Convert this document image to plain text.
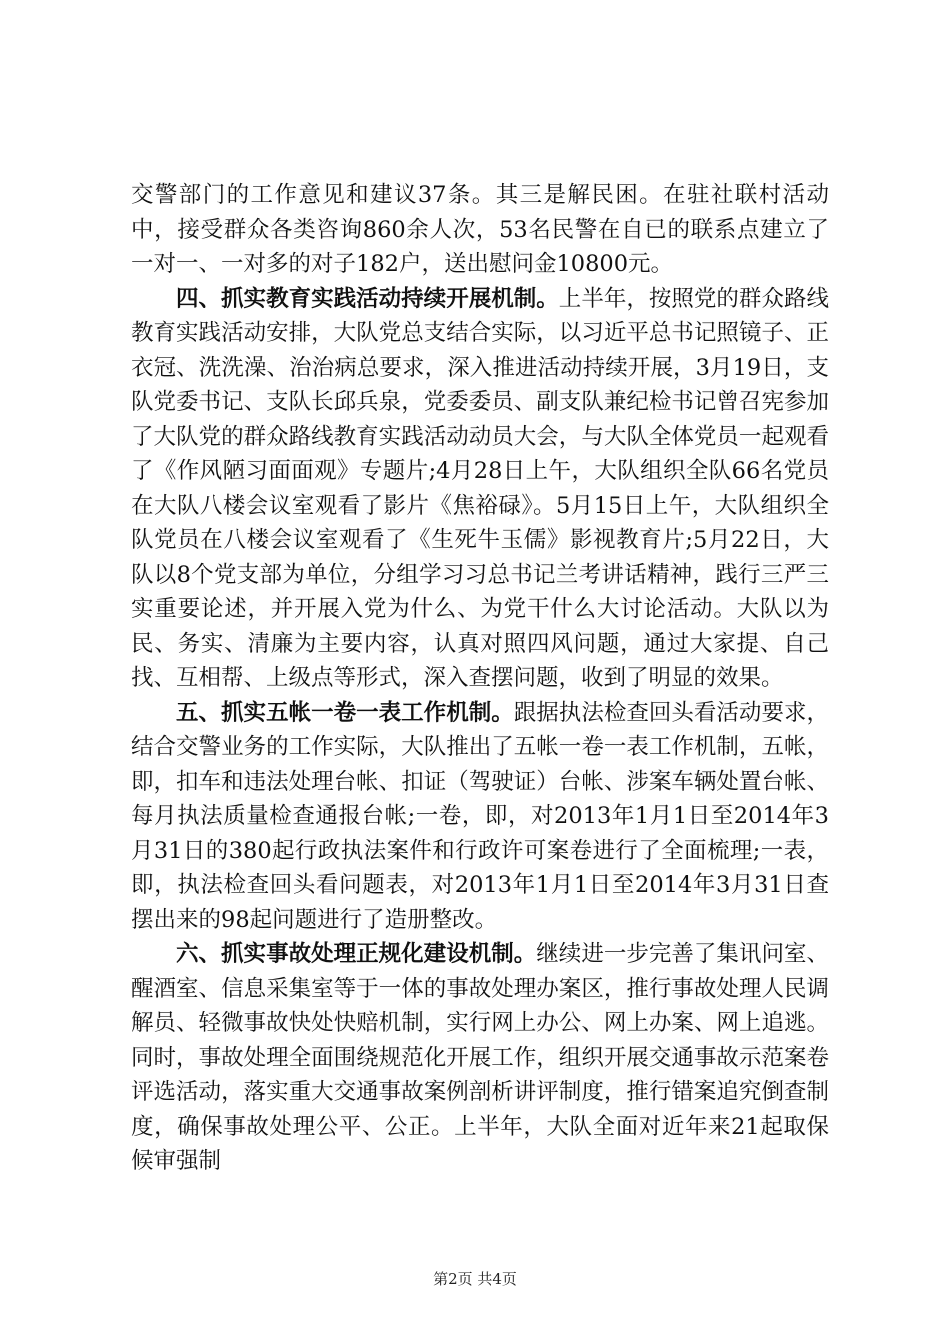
交警部门的工作意见和建议37条。其三是解民困。在驻社联村活动中，接受群众各类咨询860余人次，53名民警在自已的联系点建立了一对一、一对多的对子182户，送出慰问金10800元。

四、抓实教育实践活动持续开展机制。上半年，按照党的群众路线教育实践活动安排，大队党总支结合实际，以习近平总书记照镜子、正衣冠、洗洗澡、治治病总要求，深入推进活动持续开展，3月19日，支队党委书记、支队长邱兵泉，党委委员、副支队兼纪检书记曾召宪参加了大队党的群众路线教育实践活动动员大会，与大队全体党员一起观看了《作风陋习面面观》专题片;4月28日上午，大队组织全队66名党员在大队八楼会议室观看了影片《焦裕碌》。5月15日上午，大队组织全队党员在八楼会议室观看了《生死牛玉儒》影视教育片;5月22日，大队以8个党支部为单位，分组学习习总书记兰考讲话精神，践行三严三实重要论述，并开展入党为什么、为党干什么大讨论活动。大队以为民、务实、清廉为主要内容，认真对照四风问题，通过大家提、自己找、互相帮、上级点等形式，深入查摆问题，收到了明显的效果。

五、抓实五帐一卷一表工作机制。跟据执法检查回头看活动要求，结合交警业务的工作实际，大队推出了五帐一卷一表工作机制，五帐，即，扣车和违法处理台帐、扣证（驾驶证）台帐、涉案车辆处置台帐、每月执法质量检查通报台帐;一卷，即，对2013年1月1日至2014年3月31日的380起行政执法案件和行政许可案卷进行了全面梳理;一表，即，执法检查回头看问题表，对2013年1月1日至2014年3月31日查摆出来的98起问题进行了造册整改。

六、抓实事故处理正规化建设机制。继续进一步完善了集讯问室、醒酒室、信息采集室等于一体的事故处理办案区，推行事故处理人民调解员、轻微事故快处快赔机制，实行网上办公、网上办案、网上追逃。同时，事故处理全面围绕规范化开展工作，组织开展交通事故示范案卷评选活动，落实重大交通事故案例剖析讲评制度，推行错案追究倒查制度，确保事故处理公平、公正。上半年，大队全面对近年来21起取保候审强制

第2页 共4页
